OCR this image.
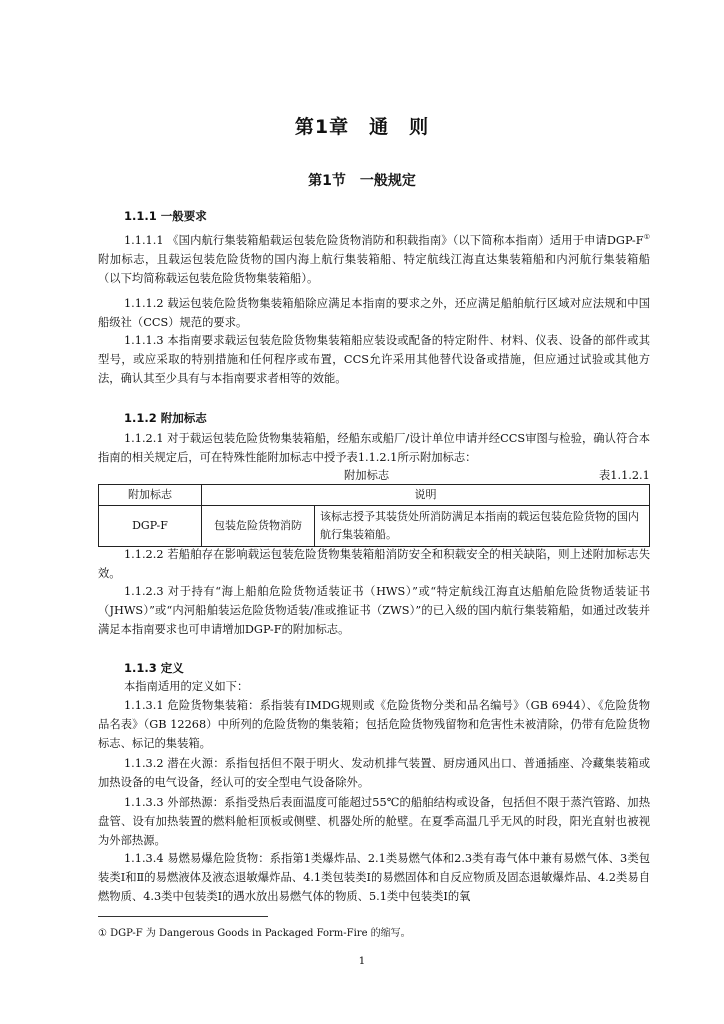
第1章　通　则
第1节　一般规定
1.1.1 一般要求
1.1.1.1 《国内航行集装箱船载运包装危险货物消防和积载指南》（以下简称本指南）适用于申请DGP-F①附加标志，且载运包装危险货物的国内海上航行集装箱船、特定航线江海直达集装箱船和内河航行集装箱船（以下均简称载运包装危险货物集装箱船）。
1.1.1.2 载运包装危险货物集装箱船除应满足本指南的要求之外，还应满足船舶航行区域对应法规和中国船级社（CCS）规范的要求。
1.1.1.3 本指南要求载运包装危险货物集装箱船应装设或配备的特定附件、材料、仪表、设备的部件或其型号，或应采取的特别措施和任何程序或布置，CCS允许采用其他替代设备或措施，但应通过试验或其他方法，确认其至少具有与本指南要求者相等的效能。
1.1.2 附加标志
1.1.2.1 对于载运包装危险货物集装箱船，经船东或船厂/设计单位申请并经CCS审图与检验，确认符合本指南的相关规定后，可在特殊性能附加标志中授予表1.1.2.1所示附加标志：
附加标志	表1.1.2.1
附加标志	说明	
DGP-F	包装危险货物消防	该标志授予其装货处所消防满足本指南的载运包装危险货物的国内航行集装箱船。
1.1.2.2 若船舶存在影响载运包装危险货物集装箱船消防安全和积载安全的相关缺陷，则上述附加标志失效。
1.1.2.3 对于持有“海上船舶危险货物适装证书（HWS）”或“特定航线江海直达船舶危险货物适装证书（JHWS）”或“内河船舶装运危险货物适装/准或推证书（ZWS）”的已入级的国内航行集装箱船，如通过改装并满足本指南要求也可申请增加DGP-F的附加标志。
1.1.3 定义
本指南适用的定义如下：
1.1.3.1 危险货物集装箱：系指装有IMDG规则或《危险货物分类和品名编号》（GB 6944）、《危险货物品名表》（GB 12268）中所列的危险货物的集装箱；包括危险货物残留物和危害性未被清除，仍带有危险货物标志、标记的集装箱。
1.1.3.2 潜在火源：系指包括但不限于明火、发动机排气装置、厨房通风出口、普通插座、冷藏集装箱或加热设备的电气设备，经认可的安全型电气设备除外。
1.1.3.3 外部热源：系指受热后表面温度可能超过55℃的船舶结构或设备，包括但不限于蒸汽管路、加热盘管、设有加热装置的燃料舱柜顶板或侧壁、机器处所的舱壁。在夏季高温几乎无风的时段，阳光直射也被视为外部热源。
1.1.3.4 易燃易爆危险货物：系指第1类爆炸品、2.1类易燃气体和2.3类有毒气体中兼有易燃气体、3类包装类Ⅰ和Ⅱ的易燃液体及液态退敏爆炸品、4.1类包装类Ⅰ的易燃固体和自反应物质及固态退敏爆炸品、4.2类易自燃物质、4.3类中包装类Ⅰ的遇水放出易燃气体的物质、5.1类中包装类Ⅰ的氧
① DGP-F 为 Dangerous Goods in Packaged Form-Fire 的缩写。
1
